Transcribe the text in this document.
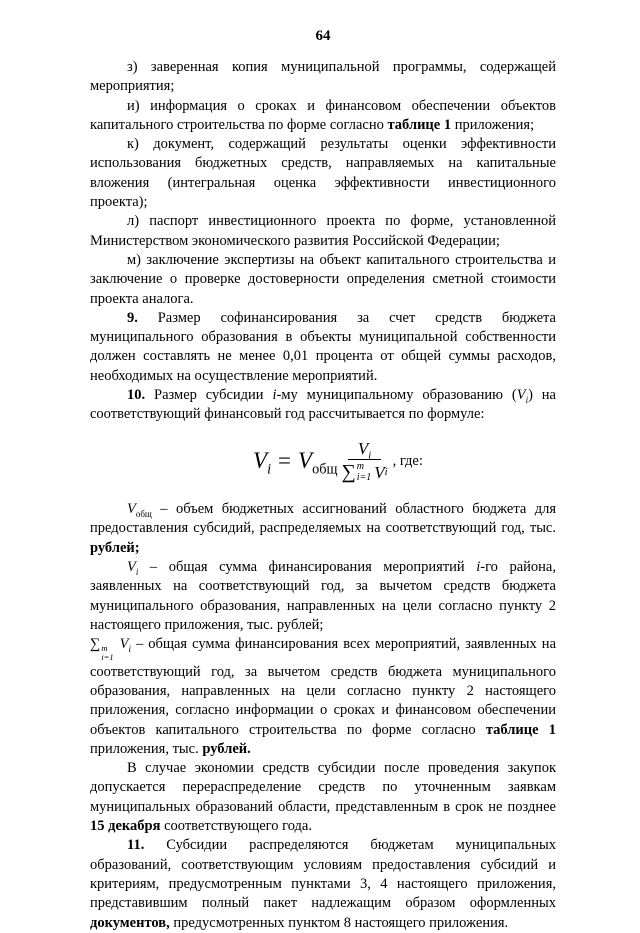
64

з) заверенная копия муниципальной программы, содержащей мероприятия;

и) информация о сроках и финансовом обеспечении объектов капитального строительства по форме согласно таблице 1 приложения;

к) документ, содержащий результаты оценки эффективности использования бюджетных средств, направляемых на капитальные вложения (интегральная оценка эффективности инвестиционного проекта);

л) паспорт инвестиционного проекта по форме, установленной Министерством экономического развития Российской Федерации;

м) заключение экспертизы на объект капитального строительства и заключение о проверке достоверности определения сметной стоимости проекта аналога.

9. Размер софинансирования за счет средств бюджета муниципального образования в объекты муниципальной собственности должен составлять не менее 0,01 процента от общей суммы расходов, необходимых на осуществление мероприятий.

10. Размер субсидии i-му муниципальному образованию $(V_i)$ на соответствующий финансовый год рассчитывается по формуле:

$V_i = V_{общ}$ $V_i$
∑ m
i=1 V i , где:

$V_{общ}$ – объем бюджетных ассигнований областного бюджета для предоставления субсидий, распределяемых на соответствующий год, тыс. рублей;

$V_i$ – общая сумма финансирования мероприятий i-го района, заявленных на соответствующий год, за вычетом средств бюджета муниципального образования, направленных на цели согласно пункту 2 настоящего приложения, тыс. рублей;

∑ m
i=1
$V_i$ – общая сумма финансирования всех мероприятий, заявленных на соответствующий год, за вычетом средств бюджета муниципального образования, направленных на цели согласно пункту 2 настоящего приложения, согласно информации о сроках и финансовом обеспечении объектов капитального строительства по форме согласно таблице 1 приложения, тыс. рублей.

В случае экономии средств субсидии после проведения закупок допускается перераспределение средств по уточненным заявкам муниципальных образований области, представленным в срок не позднее 15 декабря соответствующего года.

11. Субсидии распределяются бюджетам муниципальных образований, соответствующим условиям предоставления субсидий и критериям, предусмотренным пунктами 3, 4 настоящего приложения, представившим полный пакет надлежащим образом оформленных документов, предусмотренных пунктом 8 настоящего приложения.
